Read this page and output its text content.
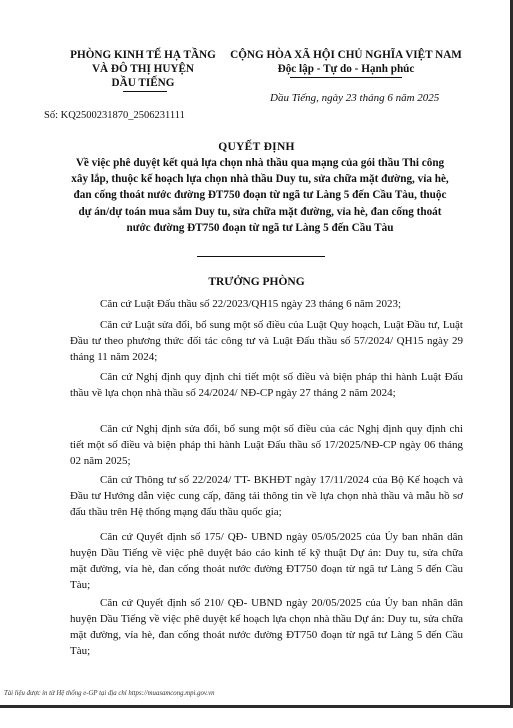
PHÒNG KINH TẾ HẠ TẦNG
VÀ ĐÔ THỊ HUYỆN
DẦU TIẾNG
CỘNG HÒA XÃ HỘI CHỦ NGHĨA VIỆT NAM
Độc lập - Tự do - Hạnh phúc
Dầu Tiếng, ngày 23 tháng 6 năm 2025
Số: KQ2500231870_2506231111
QUYẾT ĐỊNH
Về việc phê duyệt kết quả lựa chọn nhà thầu qua mạng của gói thầu Thi công xây lắp, thuộc kế hoạch lựa chọn nhà thầu Duy tu, sửa chữa mặt đường, vỉa hè, đan cống thoát nước đường ĐT750 đoạn từ ngã tư Làng 5 đến Cầu Tàu, thuộc dự án/dự toán mua sắm Duy tu, sửa chữa mặt đường, vỉa hè, đan cống thoát nước đường ĐT750 đoạn từ ngã tư Làng 5 đến Cầu Tàu
TRƯỞNG PHÒNG
Căn cứ Luật Đấu thầu số 22/2023/QH15 ngày 23 tháng 6 năm 2023;
Căn cứ Luật sửa đổi, bổ sung một số điều của Luật Quy hoạch, Luật Đầu tư, Luật Đầu tư theo phương thức đối tác công tư và Luật Đấu thầu số 57/2024/ QH15 ngày 29 tháng 11 năm 2024;
Căn cứ Nghị định quy định chi tiết một số điều và biện pháp thi hành Luật Đấu thầu về lựa chọn nhà thầu số 24/2024/ NĐ-CP ngày 27 tháng 2 năm 2024;
Căn cứ Nghị định sửa đổi, bổ sung một số điều của các Nghị định quy định chi tiết một số điều và biện pháp thi hành Luật Đấu thầu số 17/2025/NĐ-CP ngày 06 tháng 02 năm 2025;
Căn cứ Thông tư số 22/2024/ TT- BKHĐT ngày 17/11/2024 của Bộ Kế hoạch và Đầu tư Hướng dẫn việc cung cấp, đăng tải thông tin về lựa chọn nhà thầu và mẫu hồ sơ đấu thầu trên Hệ thống mạng đấu thầu quốc gia;
Căn cứ Quyết định số 175/ QĐ- UBND ngày 05/05/2025 của Ủy ban nhân dân huyện Dầu Tiếng về việc phê duyệt báo cáo kinh tế kỹ thuật Dự án: Duy tu, sửa chữa mặt đường, vỉa hè, đan cống thoát nước đường ĐT750 đoạn từ ngã tư Làng 5 đến Cầu Tàu;
Căn cứ Quyết định số 210/ QĐ- UBND ngày 20/05/2025 của Ủy ban nhân dân huyện Dầu Tiếng về việc phê duyệt kế hoạch lựa chọn nhà thầu Dự án: Duy tu, sửa chữa mặt đường, vỉa hè, đan cống thoát nước đường ĐT750 đoạn từ ngã tư Làng 5 đến Cầu Tàu;
Tài liệu được in từ Hệ thống e-GP tại địa chỉ https://muasamcong.mpi.gov.vn
